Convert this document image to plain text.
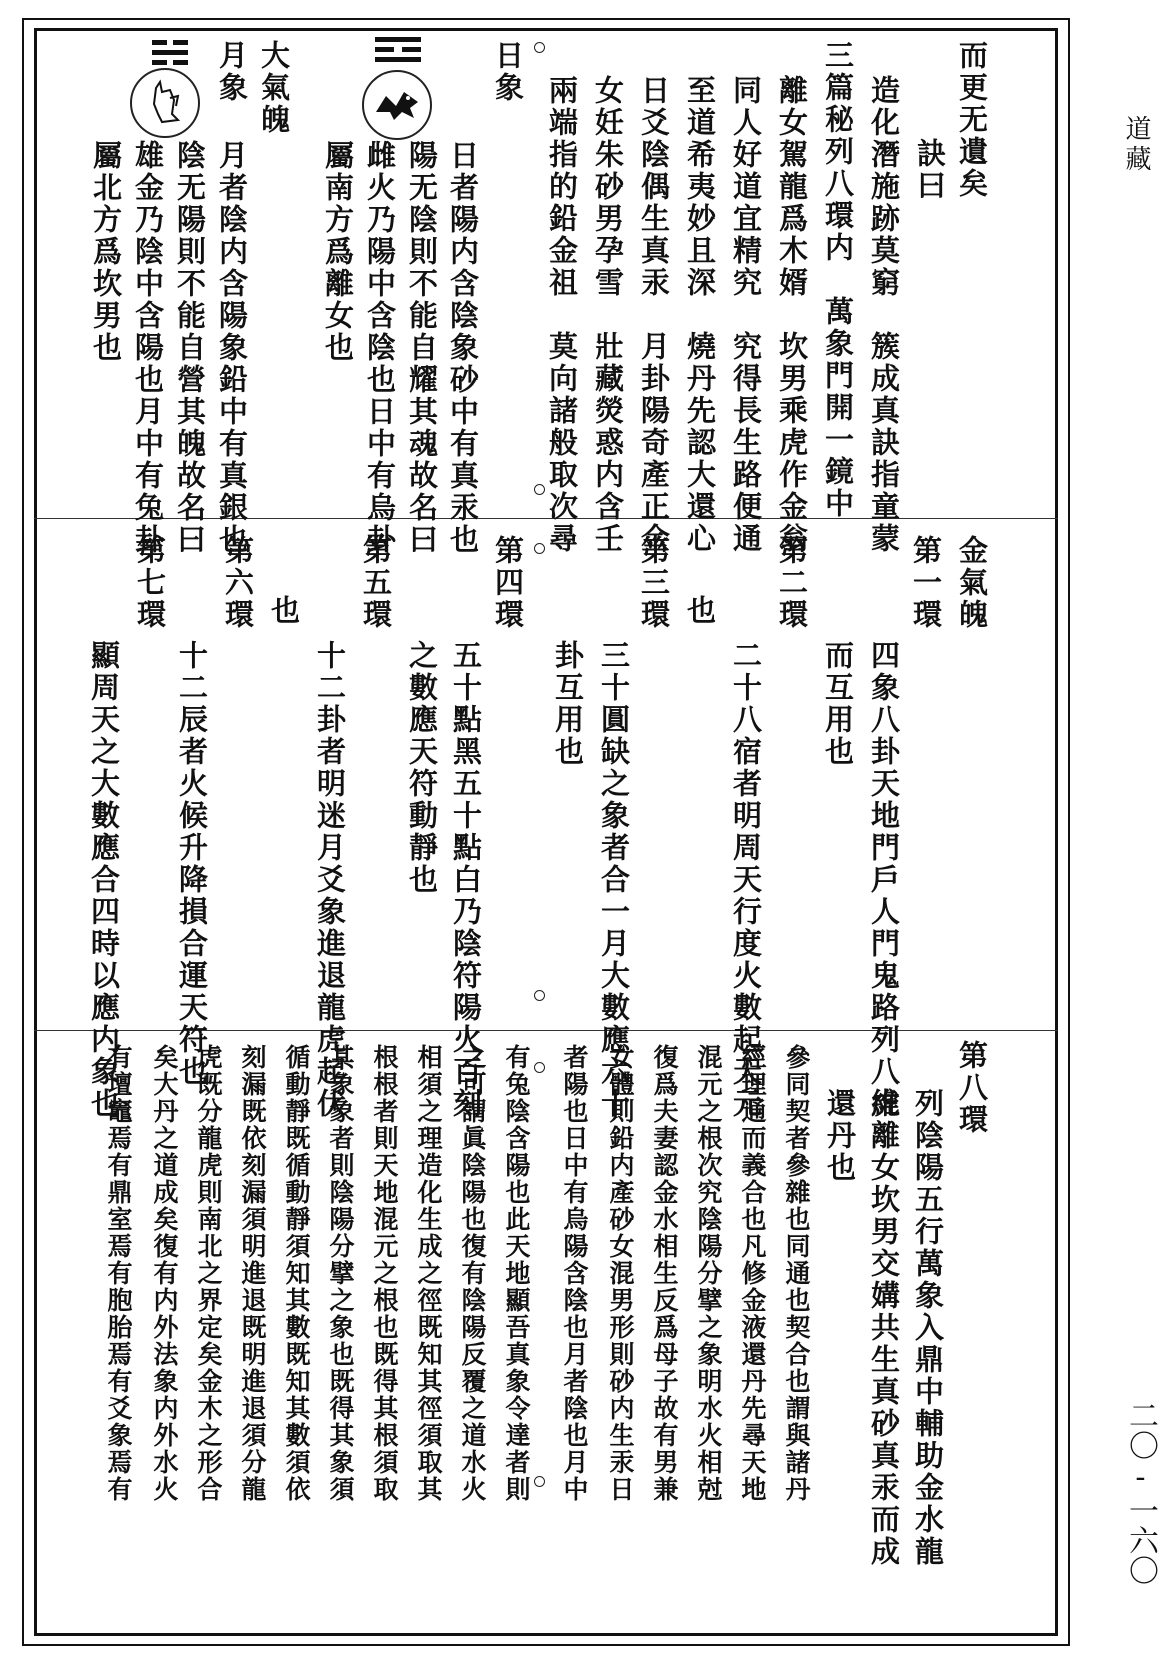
道藏
二〇-一六〇
而更无遺矣
訣曰
造化潛施跡莫窮　簇成真訣指童蒙
三篇秘列八環内　萬象門開一鏡中
離女駕龍爲木婿　坎男乘虎作金翁
同人好道宜精究　究得長生路便通
至道希夷妙且深　燒丹先認大還心
日爻陰偶生真汞　月卦陽奇產正金
女妊朱砂男孕雪　壯藏熒惑内含壬
兩端指的鉛金祖　莫向諸般取次尋
日象
日者陽内含陰象砂中有真汞也
陽无陰則不能自耀其魂故名曰
雌火乃陽中含陰也日中有烏卦
屬南方爲離女也
月象 大氣魄
月者陰内含陽象鉛中有真銀也
陰无陽則不能自營其魄故名曰
雄金乃陰中含陽也月中有兔卦
屬北方爲坎男也
金氣魄
第一環
四象八卦天地門戶人門鬼路列八維
而互用也
第二環
二十八宿者明周天行度火數起天元
也
第三環
三十圓缺之象者合一月大數應六十
卦互用也
第四環
五十點黑五十點白乃陰符陽火百刻
之數應天符動靜也
第五環
十二卦者明迷月爻象進退龍虎起伏
也
第六環
十二辰者火候升降損合運天符也
第七環
顯周天之大數應合四時以應内象也	第八環
列陰陽五行萬象入鼎中輔助金水龍
虎離女坎男交媾共生真砂真汞而成
還丹也
參同契者參雜也同通也契合也謂與諸丹
經理通而義合也凡修金液還丹先尋天地
混元之根次究陰陽分擘之象明水火相尅
復爲夫妻認金水相生反爲母子故有男兼
女體則鉛内產砂女混男形則砂内生汞日
者陽也日中有烏陽含陰也月者陰也月中
有兔陰含陽也此天地顯吾真象令達者則
之可謂眞陰陽也復有陰陽反覆之道水火
相須之理造化生成之徑既知其徑須取其
根根者則天地混元之根也既得其根須取
其象象者則陰陽分擘之象也既得其象須
循動靜既循動靜須知其數既知其數須依
刻漏既依刻漏須明進退既明進退須分龍
虎既分龍虎則南北之界定矣金木之形合
矣大丹之道成矣復有内外法象内外水火
有壇竈焉有鼎室焉有胞胎焉有爻象焉有
☲
☵
